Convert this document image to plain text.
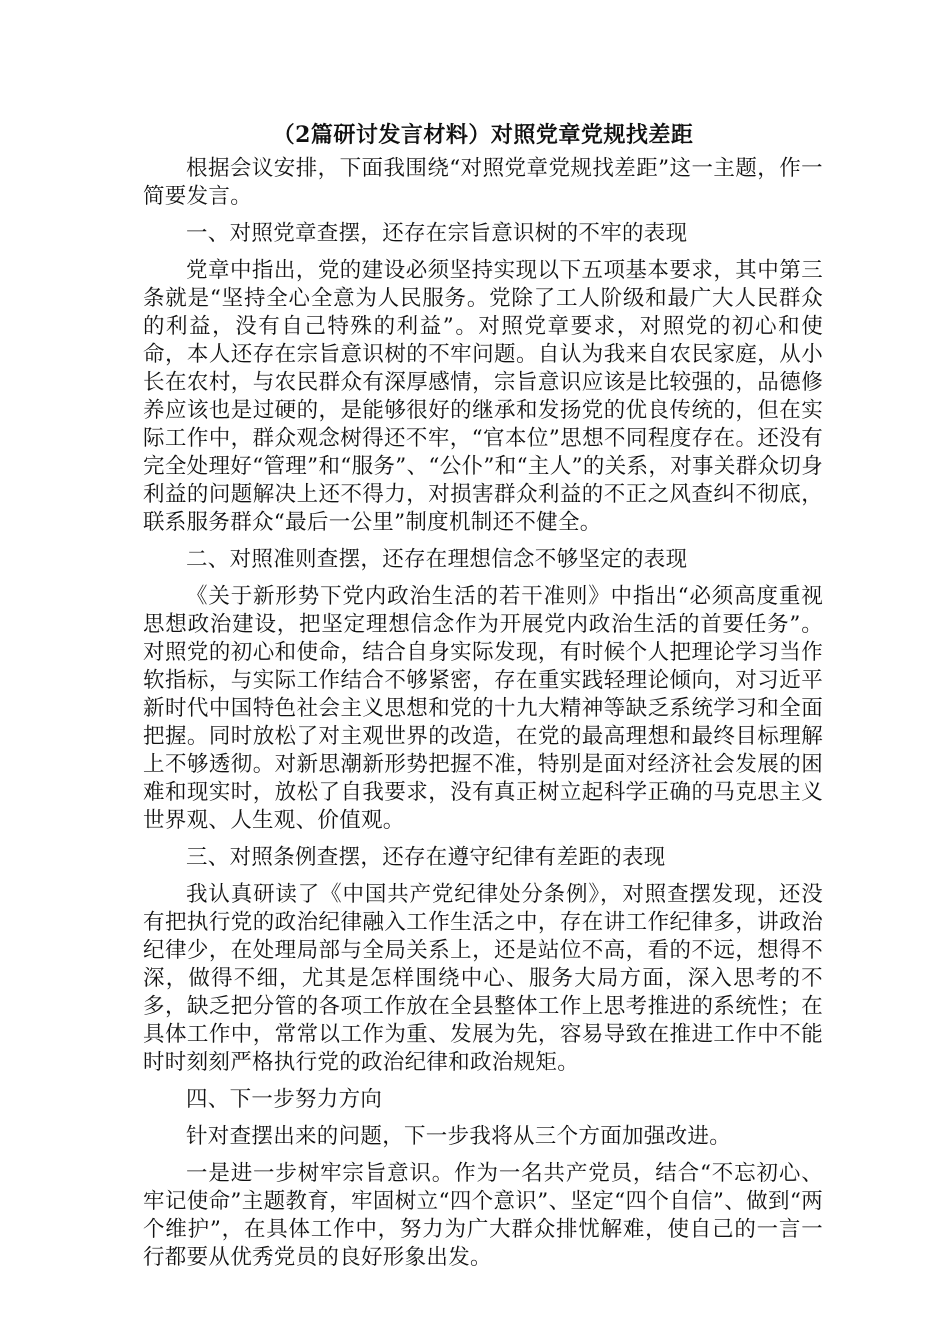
（2篇研讨发言材料）对照党章党规找差距

根据会议安排，下面我围绕“对照党章党规找差距”这一主题，作一简要发言。

一、对照党章查摆，还存在宗旨意识树的不牢的表现

党章中指出，党的建设必须坚持实现以下五项基本要求，其中第三条就是“坚持全心全意为人民服务。党除了工人阶级和最广大人民群众的利益，没有自己特殊的利益”。对照党章要求，对照党的初心和使命，本人还存在宗旨意识树的不牢问题。自认为我来自农民家庭，从小长在农村，与农民群众有深厚感情，宗旨意识应该是比较强的，品德修养应该也是过硬的，是能够很好的继承和发扬党的优良传统的，但在实际工作中，群众观念树得还不牢，“官本位”思想不同程度存在。还没有完全处理好“管理”和“服务”、“公仆”和“主人”的关系，对事关群众切身利益的问题解决上还不得力，对损害群众利益的不正之风查纠不彻底，联系服务群众“最后一公里”制度机制还不健全。

二、对照准则查摆，还存在理想信念不够坚定的表现

《关于新形势下党内政治生活的若干准则》中指出“必须高度重视思想政治建设，把坚定理想信念作为开展党内政治生活的首要任务”。对照党的初心和使命，结合自身实际发现，有时候个人把理论学习当作软指标，与实际工作结合不够紧密，存在重实践轻理论倾向，对习近平新时代中国特色社会主义思想和党的十九大精神等缺乏系统学习和全面把握。同时放松了对主观世界的改造，在党的最高理想和最终目标理解上不够透彻。对新思潮新形势把握不准，特别是面对经济社会发展的困难和现实时，放松了自我要求，没有真正树立起科学正确的马克思主义世界观、人生观、价值观。

三、对照条例查摆，还存在遵守纪律有差距的表现

我认真研读了《中国共产党纪律处分条例》，对照查摆发现，还没有把执行党的政治纪律融入工作生活之中，存在讲工作纪律多，讲政治纪律少，在处理局部与全局关系上，还是站位不高，看的不远，想得不深，做得不细，尤其是怎样围绕中心、服务大局方面，深入思考的不多，缺乏把分管的各项工作放在全县整体工作上思考推进的系统性；在具体工作中，常常以工作为重、发展为先，容易导致在推进工作中不能时时刻刻严格执行党的政治纪律和政治规矩。

四、下一步努力方向

针对查摆出来的问题，下一步我将从三个方面加强改进。

一是进一步树牢宗旨意识。作为一名共产党员，结合“不忘初心、牢记使命”主题教育，牢固树立“四个意识”、坚定“四个自信”、做到“两个维护”，在具体工作中，努力为广大群众排忧解难，使自己的一言一行都要从优秀党员的良好形象出发。
